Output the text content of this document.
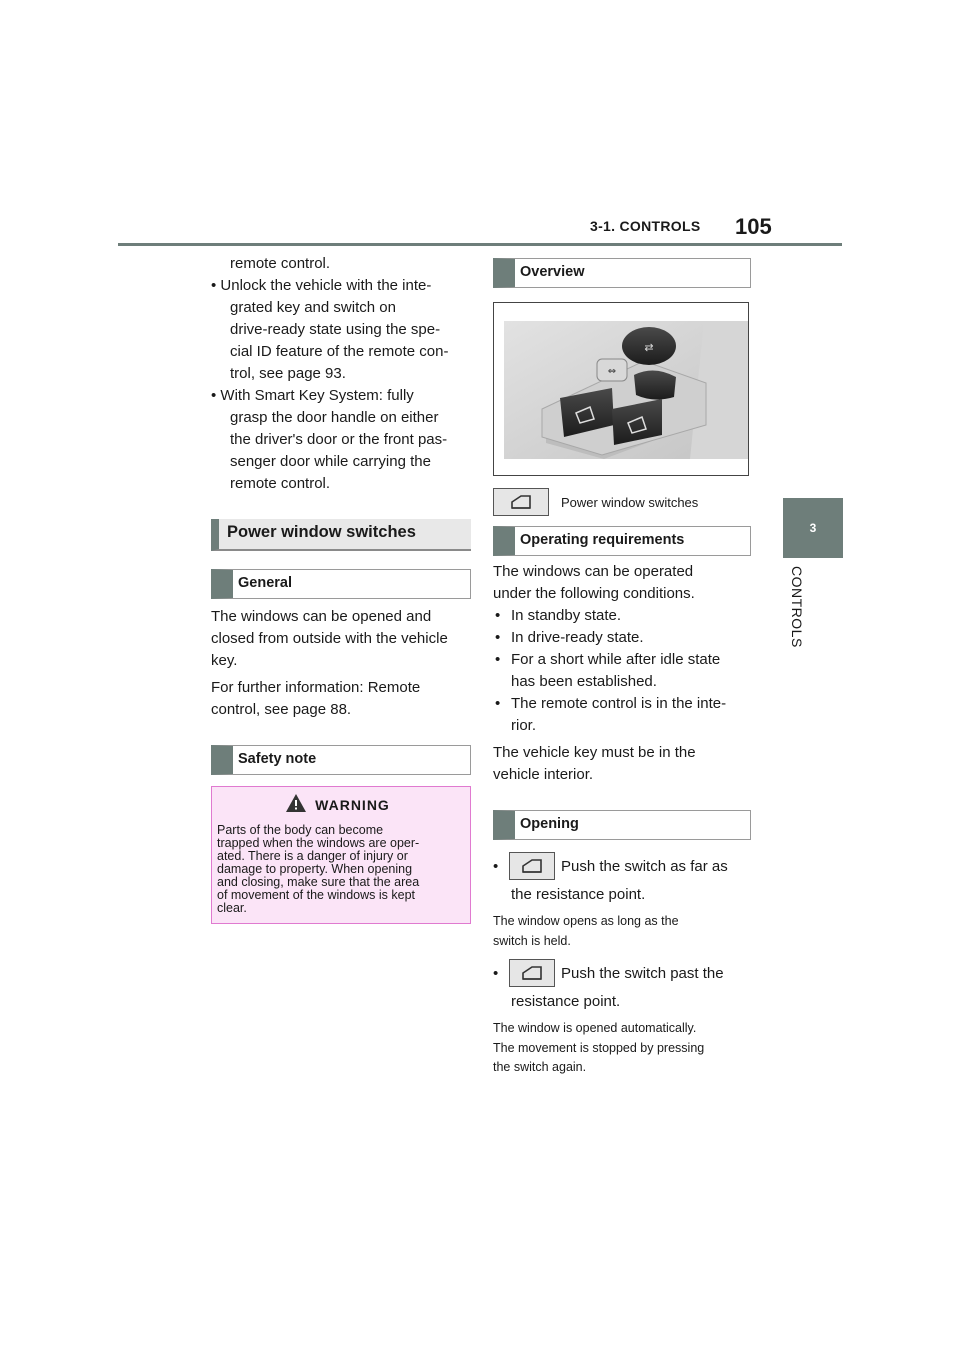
3-1. CONTROLS 105
3
CONTROLS

remote control.

• Unlock the vehicle with the inte-

grated key and switch on

drive-ready state using the spe-

cial ID feature of the remote con-

trol, see page 93.

• With Smart Key System: fully

grasp the door handle on either

the driver's door or the front pas-

senger door while carrying the

remote control.

Power window switches
General

The windows can be opened and

closed from outside with the vehicle

key.

For further information: Remote

control, see page 88.

Safety note
WARNING
Parts of the body can become
trapped when the windows are oper-
ated. There is a danger of injury or
damage to property. When opening
and closing, make sure that the area
of movement of the windows is kept
clear.
Overview
⇄
⇔
Power window switches
Operating requirements

The windows can be operated

under the following conditions.

• In standby state.
• In drive-ready state.
• For a short while after idle state
has been established.
• The remote control is in the inte-
rior.

The vehicle key must be in the

vehicle interior.

Opening
•	Push the switch as far as

the resistance point.

The window opens as long as the
switch is held.
•	Push the switch past the

resistance point.

The window is opened automatically.
The movement is stopped by pressing
the switch again.
